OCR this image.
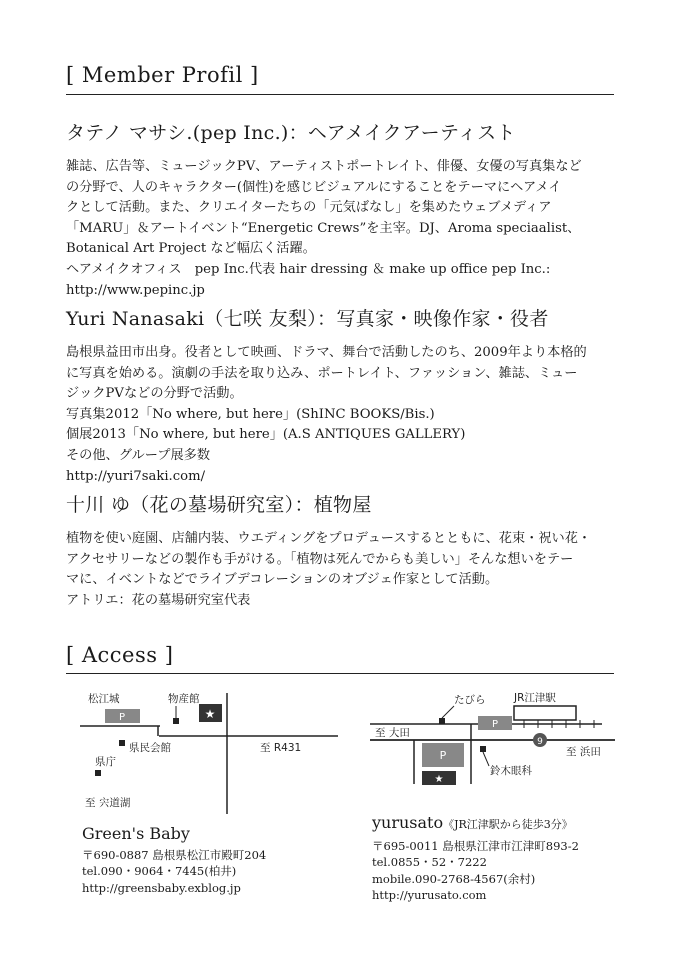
[ Member Profil ]
タテノ マサシ.(pep Inc.)：ヘアメイクアーティスト

雑誌、広告等、ミュージックPV、アーティストポートレイト、俳優、女優の写真集など
の分野で、人のキャラクター(個性)を感じビジュアルにすることをテーマにヘアメイ
クとして活動。また、クリエイターたちの「元気ばなし」を集めたウェブメディア
「MARU」＆アートイベント“Energetic Crews”を主宰。DJ、Aroma speciaalist、
Botanical Art Project など幅広く活躍。
ヘアメイクオフィス　pep Inc.代表 hair dressing ＆ make up office pep Inc.:
http://www.pepinc.jp

Yuri Nanasaki（七咲 友梨）：写真家・映像作家・役者

島根県益田市出身。役者として映画、ドラマ、舞台で活動したのち、2009年より本格的
に写真を始める。演劇の手法を取り込み、ポートレイト、ファッション、雑誌、ミュー
ジックPVなどの分野で活動。
写真集2012「No where, but here」(ShINC BOOKS/Bis.)
個展2013「No where, but here」(A.S ANTIQUES GALLERY)
その他、グループ展多数
http://yuri7saki.com/

十川 ゆ（花の墓場研究室）：植物屋

植物を使い庭園、店舗内装、ウエディングをプロデュースするとともに、花束・祝い花・
アクセサリーなどの製作も手がける。「植物は死んでからも美しい」そんな想いをテー
マに、イベントなどでライブデコレーションのオブジェ作家として活動。
アトリエ：花の墓場研究室代表

[ Access ]
松江城
P
物産館
★
県民会館
県庁
至 R431
至 宍道湖
たびら	JR江津駅
P
9
至 大田
至 浜田
P
★
鈴木眼科
Green's Baby
〒690-0887 島根県松江市殿町204
tel.090・9064・7445(柏井)
http://greensbaby.exblog.jp
yurusato《JR江津駅から徒歩3分》
〒695-0011 島根県江津市江津町893-2
tel.0855・52・7222
mobile.090-2768-4567(余村)
http://yurusato.com
